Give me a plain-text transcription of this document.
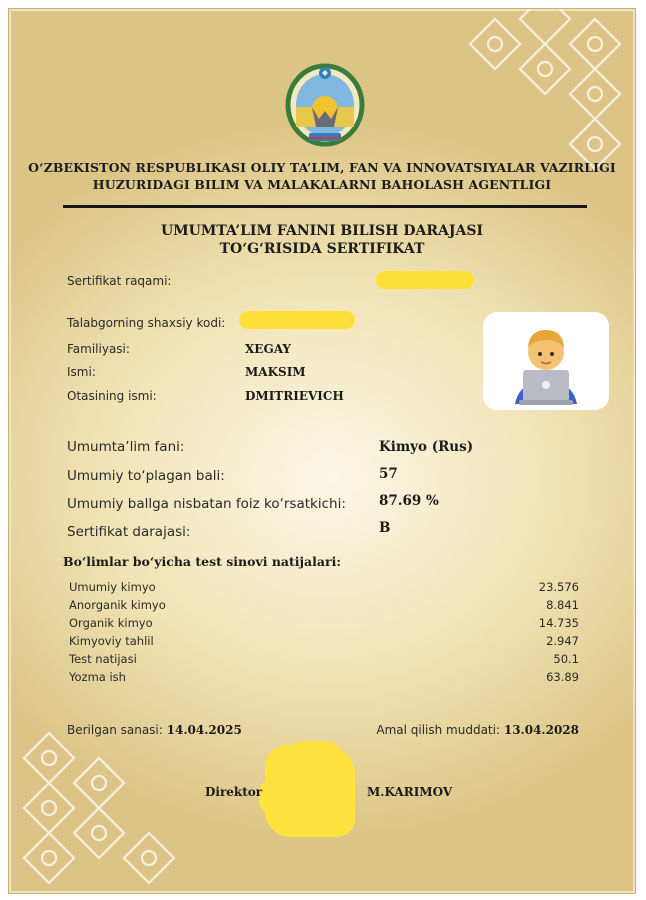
O‘ZBEKISTON RESPUBLIKASI OLIY TA’LIM, FAN VA INNOVATSIYALAR VAZIRLIGI
HUZURIDAGI BILIM VA MALAKALARNI BAHOLASH AGENTLIGI
UMUMTA’LIM FANINI BILISH DARAJASI
TO‘G‘RISIDA SERTIFIKAT
Sertifikat raqami:
Talabgorning shaxsiy kodi:
Familiyasi:	XEGAY
Ismi:	MAKSIM
Otasining ismi:	DMITRIEVICH
Umumta’lim fani:	Kimyo (Rus)
Umumiy to‘plagan bali:	57
Umumiy ballga nisbatan foiz ko‘rsatkichi: 87.69 %
Sertifikat darajasi:	B
Bo‘limlar bo‘yicha test sinovi natijalari:
Umumiy kimyo	23.576
Anorganik kimyo	8.841
Organik kimyo	14.735
Kimyoviy tahlil	2.947
Test natijasi	50.1
Yozma ish	63.89
Berilgan sanasi: 14.04.2025	Amal qilish muddati: 13.04.2028
Direktor	M.KARIMOV
